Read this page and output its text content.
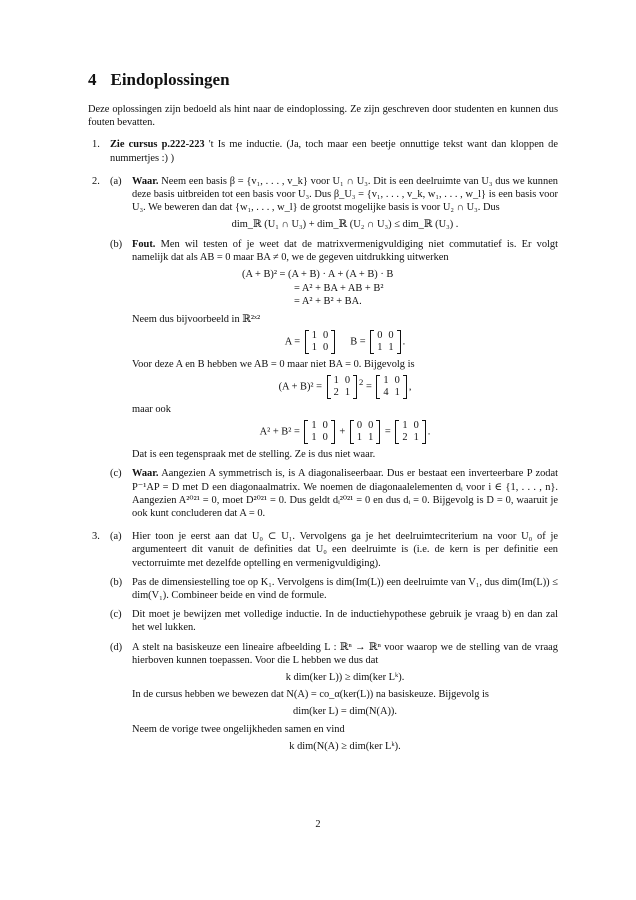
4 Eindoplossingen

Deze oplossingen zijn bedoeld als hint naar de eindoplossing. Ze zijn geschreven door studenten en kunnen dus fouten bevatten.

1. Zie cursus p.222-223 't Is me inductie. (Ja, toch maar een beetje onnuttige tekst want dan kloppen de nummertjes :) )

2. (a) Waar. Neem een basis β = {v₁, . . . , v_k} voor U₁ ∩ U₃. Dit is een deelruimte van U₃ dus we kunnen deze basis uitbreiden tot een basis voor U₃. Dus β_U₃ = {v₁, . . . , v_k, w₁, . . . , w_l} is een basis voor U₃. We beweren dan dat {w₁, . . . , w_l} de grootst mogelijke basis is voor U₂ ∩ U₃. Dus

dim_ℝ (U₁ ∩ U₃) + dim_ℝ (U₂ ∩ U₃) ≤ dim_ℝ (U₃) .
(b) Fout. Men wil testen of je weet dat de matrixvermenigvuldiging niet commutatief is. Er volgt namelijk dat als AB = 0 maar BA ≠ 0, we de gegeven uitdrukking uitwerken

(A + B)² = (A + B) · A + (A + B) · B
= A² + BA + AB + B²
= A² + B² + BA.

Neem dus bijvoorbeeld in ℝ²ˣ²

A =
1	0
1	0
B =
0	0
1	1
.

Voor deze A en B hebben we AB = 0 maar niet BA = 0. Bijgevolg is

(A + B)² =
1	0
2	1
$^2$ =
1	0
4	1
,

maar ook

A² + B² =
1	0
1	0
+
0	0
1	1
=
1	0
2	1
.

Dat is een tegenspraak met de stelling. Ze is dus niet waar.

(c) Waar. Aangezien A symmetrisch is, is A diagonaliseerbaar. Dus er bestaat een inverteerbare P zodat P⁻¹AP = D met D een diagonaalmatrix. We noemen de diagonaalelementen dᵢ voor i ∈ {1, . . . , n}. Aangezien A²⁰²¹ = 0, moet D²⁰²¹ = 0. Dus geldt dᵢ²⁰²¹ = 0 en dus dᵢ = 0. Bijgevolg is D = 0, waaruit je ook kunt concluderen dat A = 0.

3. (a) Hier toon je eerst aan dat U₀ ⊂ U₁. Vervolgens ga je het deelruimtecriterium na voor U₀ of je argumenteert dit vanuit de definities dat U₀ een deelruimte is (i.e. de kern is per definitie een vectorruimte met dezelfde optelling en vermenigvuldiging).

(b) Pas de dimensiestelling toe op K₁. Vervolgens is dim(Im(L)) een deelruimte van V₁, dus dim(Im(L)) ≤ dim(V₁). Combineer beide en vind de formule.

(c) Dit moet je bewijzen met volledige inductie. In de inductiehypothese gebruik je vraag b) en dan zal het wel lukken.

(d) A stelt na basiskeuze een lineaire afbeelding L : ℝⁿ → ℝⁿ voor waarop we de stelling van de vraag hierboven kunnen toepassen. Voor die L hebben we dus dat

k dim(ker L)) ≥ dim(ker Lᵏ).

In de cursus hebben we bewezen dat N(A) = co_α(ker(L)) na basiskeuze. Bijgevolg is

dim(ker L) = dim(N(A)).

Neem de vorige twee ongelijkheden samen en vind

k dim(N(A) ≥ dim(ker Lᵏ).
2
